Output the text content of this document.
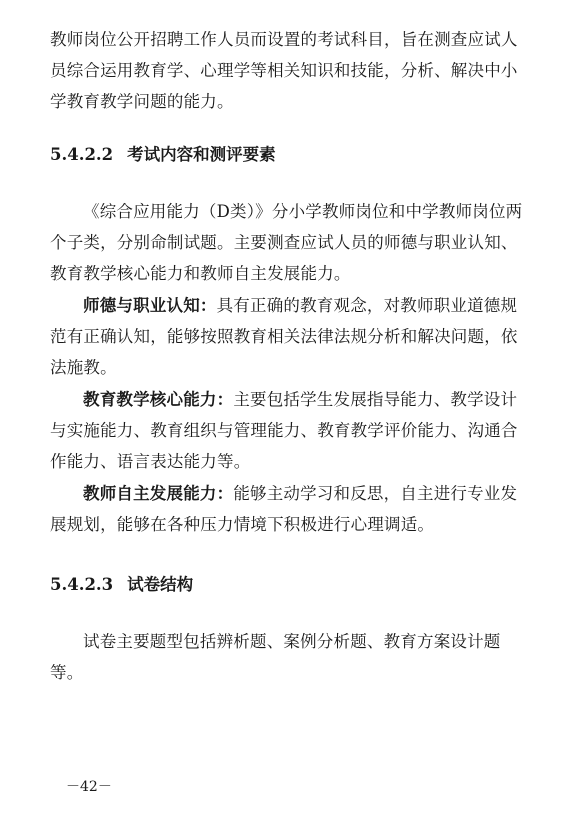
教师岗位公开招聘工作人员而设置的考试科目，旨在测查应试人员综合运用教育学、心理学等相关知识和技能，分析、解决中小学教育教学问题的能力。

5.4.2.2 考试内容和测评要素

《综合应用能力（D类）》分小学教师岗位和中学教师岗位两个子类，分别命制试题。主要测查应试人员的师德与职业认知、教育教学核心能力和教师自主发展能力。

师德与职业认知：具有正确的教育观念，对教师职业道德规范有正确认知，能够按照教育相关法律法规分析和解决问题，依法施教。

教育教学核心能力：主要包括学生发展指导能力、教学设计与实施能力、教育组织与管理能力、教育教学评价能力、沟通合作能力、语言表达能力等。

教师自主发展能力：能够主动学习和反思，自主进行专业发展规划，能够在各种压力情境下积极进行心理调适。

5.4.2.3 试卷结构

试卷主要题型包括辨析题、案例分析题、教育方案设计题等。

－42－
